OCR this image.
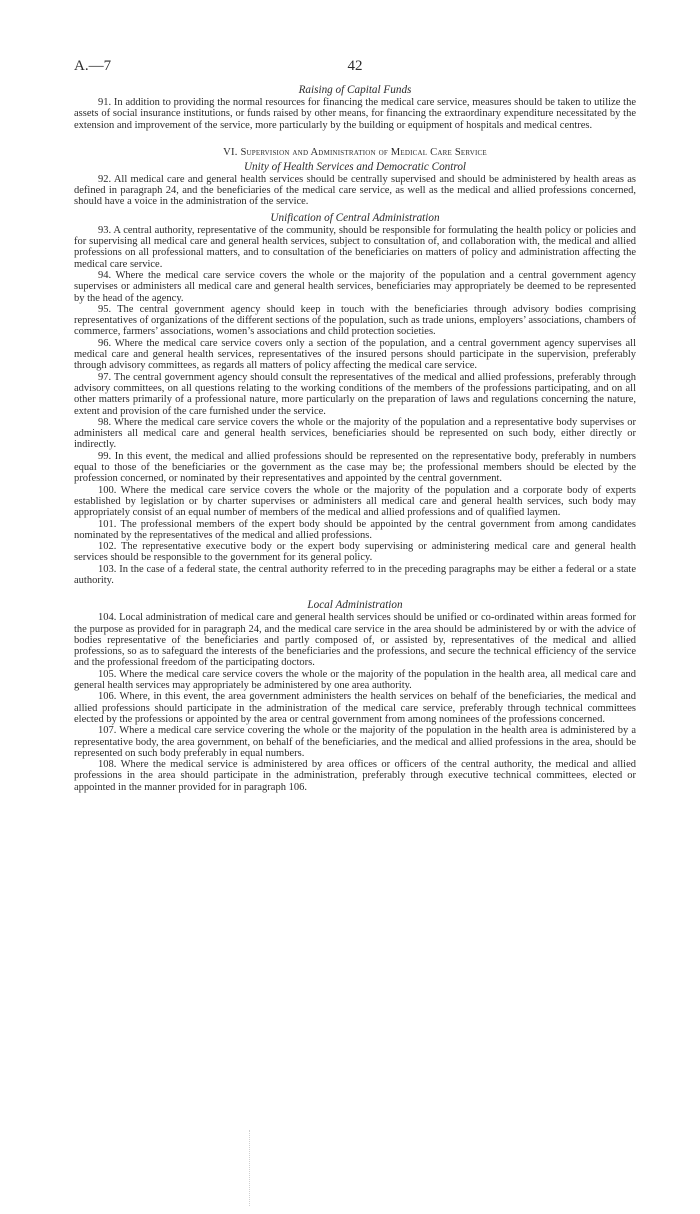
A.—7	42
Raising of Capital Funds

91. In addition to providing the normal resources for financing the medical care service, measures should be taken to utilize the assets of social insurance institutions, or funds raised by other means, for financing the extraordinary expenditure necessitated by the extension and improvement of the service, more particularly by the building or equipment of hospitals and medical centres.

VI. Supervision and Administration of Medical Care Service
Unity of Health Services and Democratic Control

92. All medical care and general health services should be centrally supervised and should be administered by health areas as defined in paragraph 24, and the beneficiaries of the medical care service, as well as the medical and allied professions concerned, should have a voice in the administration of the service.

Unification of Central Administration

93. A central authority, representative of the community, should be responsible for formulating the health policy or policies and for supervising all medical care and general health services, subject to consultation of, and collaboration with, the medical and allied professions on all professional matters, and to consultation of the beneficiaries on matters of policy and administration affecting the medical care service.

94. Where the medical care service covers the whole or the majority of the population and a central government agency supervises or administers all medical care and general health services, beneficiaries may appropriately be deemed to be represented by the head of the agency.

95. The central government agency should keep in touch with the beneficiaries through advisory bodies comprising representatives of organizations of the different sections of the population, such as trade unions, employers’ associations, chambers of commerce, farmers’ associations, women’s associations and child protection societies.

96. Where the medical care service covers only a section of the population, and a central government agency supervises all medical care and general health services, representatives of the insured persons should participate in the supervision, preferably through advisory committees, as regards all matters of policy affecting the medical care service.

97. The central government agency should consult the representatives of the medical and allied professions, preferably through advisory committees, on all questions relating to the working conditions of the members of the professions participating, and on all other matters primarily of a professional nature, more particularly on the preparation of laws and regulations concerning the nature, extent and provision of the care furnished under the service.

98. Where the medical care service covers the whole or the majority of the population and a representative body supervises or administers all medical care and general health services, beneficiaries should be represented on such body, either directly or indirectly.

99. In this event, the medical and allied professions should be represented on the representative body, preferably in numbers equal to those of the beneficiaries or the government as the case may be; the professional members should be elected by the profession concerned, or nominated by their representatives and appointed by the central government.

100. Where the medical care service covers the whole or the majority of the population and a corporate body of experts established by legislation or by charter supervises or administers all medical care and general health services, such body may appropriately consist of an equal number of members of the medical and allied professions and of qualified laymen.

101. The professional members of the expert body should be appointed by the central government from among candidates nominated by the representatives of the medical and allied professions.

102. The representative executive body or the expert body supervising or administering medical care and general health services should be responsible to the government for its general policy.

103. In the case of a federal state, the central authority referred to in the preceding paragraphs may be either a federal or a state authority.

Local Administration

104. Local administration of medical care and general health services should be unified or co-ordinated within areas formed for the purpose as provided for in paragraph 24, and the medical care service in the area should be administered by or with the advice of bodies representative of the beneficiaries and partly composed of, or assisted by, representatives of the medical and allied professions, so as to safeguard the interests of the beneficiaries and the professions, and secure the technical efficiency of the service and the professional freedom of the participating doctors.

105. Where the medical care service covers the whole or the majority of the population in the health area, all medical care and general health services may appropriately be administered by one area authority.

106. Where, in this event, the area government administers the health services on behalf of the beneficiaries, the medical and allied professions should participate in the administration of the medical care service, preferably through technical committees elected by the professions or appointed by the area or central government from among nominees of the professions concerned.

107. Where a medical care service covering the whole or the majority of the population in the health area is administered by a representative body, the area government, on behalf of the beneficiaries, and the medical and allied professions in the area, should be represented on such body preferably in equal numbers.

108. Where the medical service is administered by area offices or officers of the central authority, the medical and allied professions in the area should participate in the administration, preferably through executive technical committees, elected or appointed in the manner provided for in paragraph 106.
